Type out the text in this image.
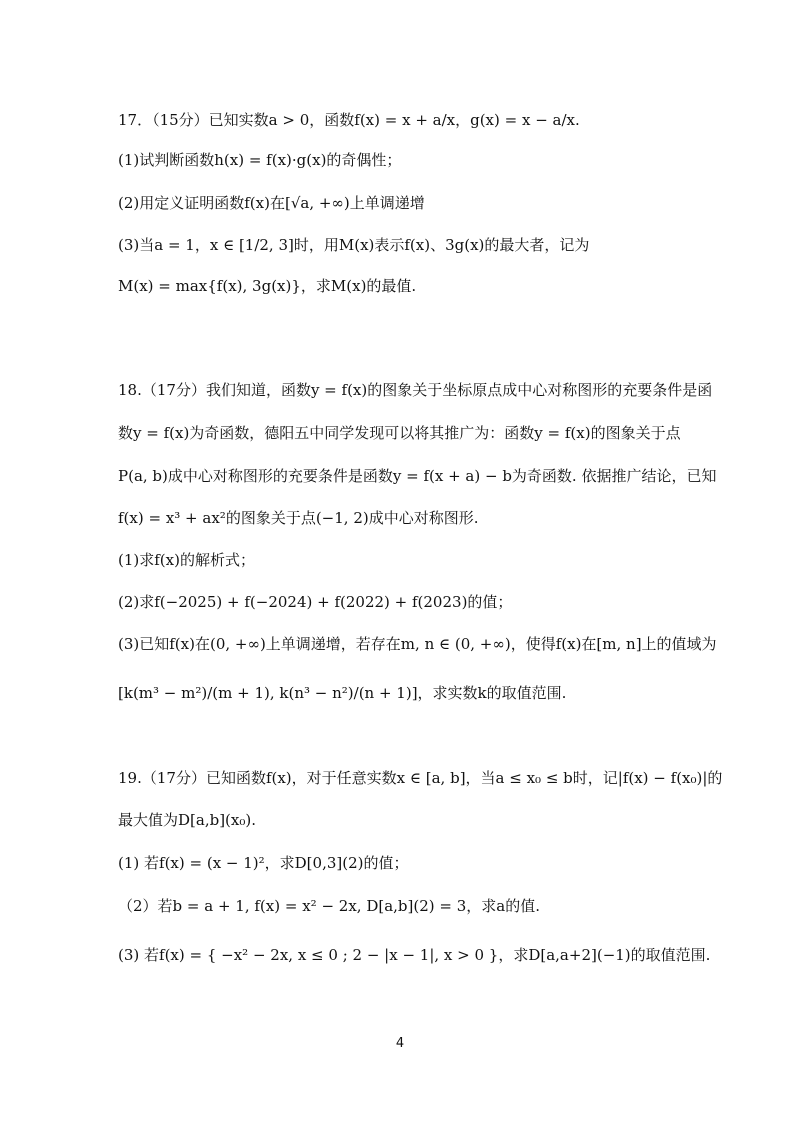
17．（15分）已知实数a > 0，函数f(x) = x + a/x，g(x) = x − a/x.
(1)试判断函数h(x) = f(x)·g(x)的奇偶性；
(2)用定义证明函数f(x)在[√a, +∞)上单调递增
(3)当a = 1，x ∈ [1/2, 3]时，用M(x)表示f(x)、3g(x)的最大者，记为
M(x) = max{f(x), 3g(x)}，求M(x)的最值.
18.（17分）我们知道，函数y = f(x)的图象关于坐标原点成中心对称图形的充要条件是函
数y = f(x)为奇函数，德阳五中同学发现可以将其推广为：函数y = f(x)的图象关于点
P(a, b)成中心对称图形的充要条件是函数y = f(x + a) − b为奇函数. 依据推广结论，已知
f(x) = x³ + ax²的图象关于点(−1, 2)成中心对称图形.
(1)求f(x)的解析式；
(2)求f(−2025) + f(−2024) + f(2022) + f(2023)的值；
(3)已知f(x)在(0, +∞)上单调递增，若存在m, n ∈ (0, +∞)，使得f(x)在[m, n]上的值域为
[k(m³ − m²)/(m + 1), k(n³ − n²)/(n + 1)]，求实数k的取值范围.
19.（17分）已知函数f(x)，对于任意实数x ∈ [a, b]，当a ≤ x₀ ≤ b时，记|f(x) − f(x₀)|的
最大值为D[a,b](x₀).
(1) 若f(x) = (x − 1)²，求D[0,3](2)的值；
（2）若b = a + 1, f(x) = x² − 2x, D[a,b](2) = 3，求a的值.
(3) 若f(x) = { −x² − 2x, x ≤ 0 ; 2 − |x − 1|, x > 0 }，求D[a,a+2](−1)的取值范围.
4
